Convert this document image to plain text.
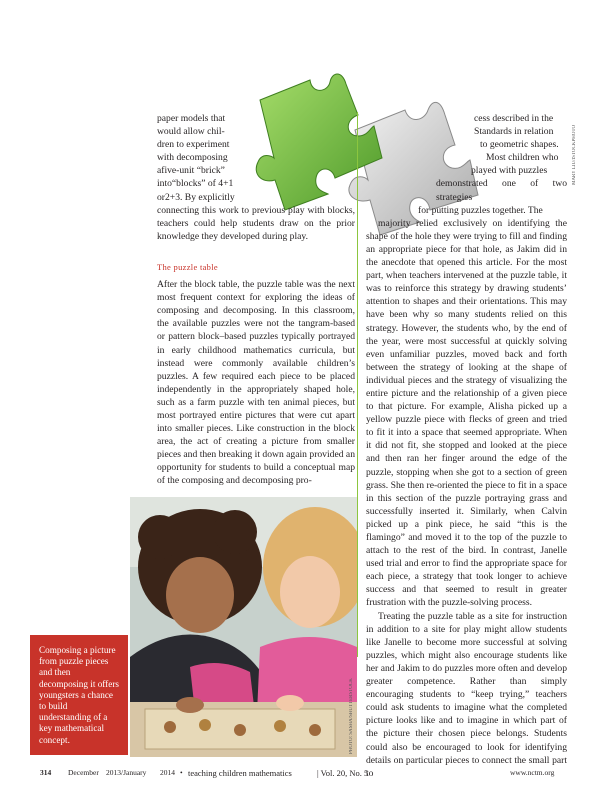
paper models that

would allow chil-

dren to experiment

with decomposing

afive-unit “brick”

into“blocks” of 4+1

or2+3. By explicitly

connecting this work to previous play with blocks, teachers could help students draw on the prior knowledge they developed during play.

The puzzle table

After the block table, the puzzle table was the next most frequent context for exploring the ideas of composing and decomposing. In this classroom, the available puzzles were not the tangram-based or pattern block–based puzzles typically portrayed in early childhood mathematics curricula, but instead were commonly available children’s puzzles. A few required each piece to be placed independently in the appropriately shaped hole, such as a farm puzzle with ten animal pieces, but most portrayed entire pictures that were cut apart into smaller pieces. Like construction in the block area, the act of creating a picture from smaller pieces and then breaking it down again provided an opportunity for students to build a conceptual map of the composing and decomposing pro-

cess described in the

Standards in relation

to geometric shapes.

Most children who

played with puzzles

demonstrated one of two strategies

for putting puzzles together. The

majority relied exclusively on identifying the shape of the hole they were trying to fill and finding an appropriate piece for that hole, as Jakim did in the anecdote that opened this article. For the most part, when teachers intervened at the puzzle table, it was to reinforce this strategy by drawing students’ attention to shapes and their orientations. This may have been why so many students relied on this strategy. However, the students who, by the end of the year, were most successful at quickly solving even unfamiliar puzzles, moved back and forth between the strategy of looking at the shape of individual pieces and the strategy of visualizing the entire picture and the relationship of a given piece to that picture. For example, Alisha picked up a yellow puzzle piece with flecks of green and tried to fit it into a space that seemed appropriate. When it did not fit, she stopped and looked at the piece and then ran her finger around the edge of the puzzle, stopping when she got to a section of green grass. She then re-oriented the piece to fit in a space in this section of the puzzle portraying grass and successfully inserted it. Similarly, when Calvin picked up a pink piece, he said “this is the flamingo” and moved it to the top of the puzzle to attach to the rest of the bird. In contrast, Janelle used trial and error to find the appropriate space for each piece, a strategy that took longer to achieve success and that seemed to result in greater frustration with the puzzle-solving process.

Treating the puzzle table as a site for instruction in addition to a site for play might allow students like Janelle to become more successful at solving puzzles, which might also encourage students like her and Jakim to do puzzles more often and develop greater competence. Rather than simply encouraging students to “keep trying,” teachers could ask students to imagine what the completed picture looks like and to imagine in which part of the picture their chosen piece belongs. Students could also be encouraged to look for identifying details on particular pieces to connect the small part to

MARY LIU/ISTOCKPHOTO
PHOTO: SASHA/SHUTTERSTOCK
Composing a picture from puzzle pieces and then decomposing it offers youngsters a chance to build understanding of a key mathematical concept.
314 December 2013/January 2014 • teaching children mathematics	| Vol. 20, No. 5	www.nctm.org
